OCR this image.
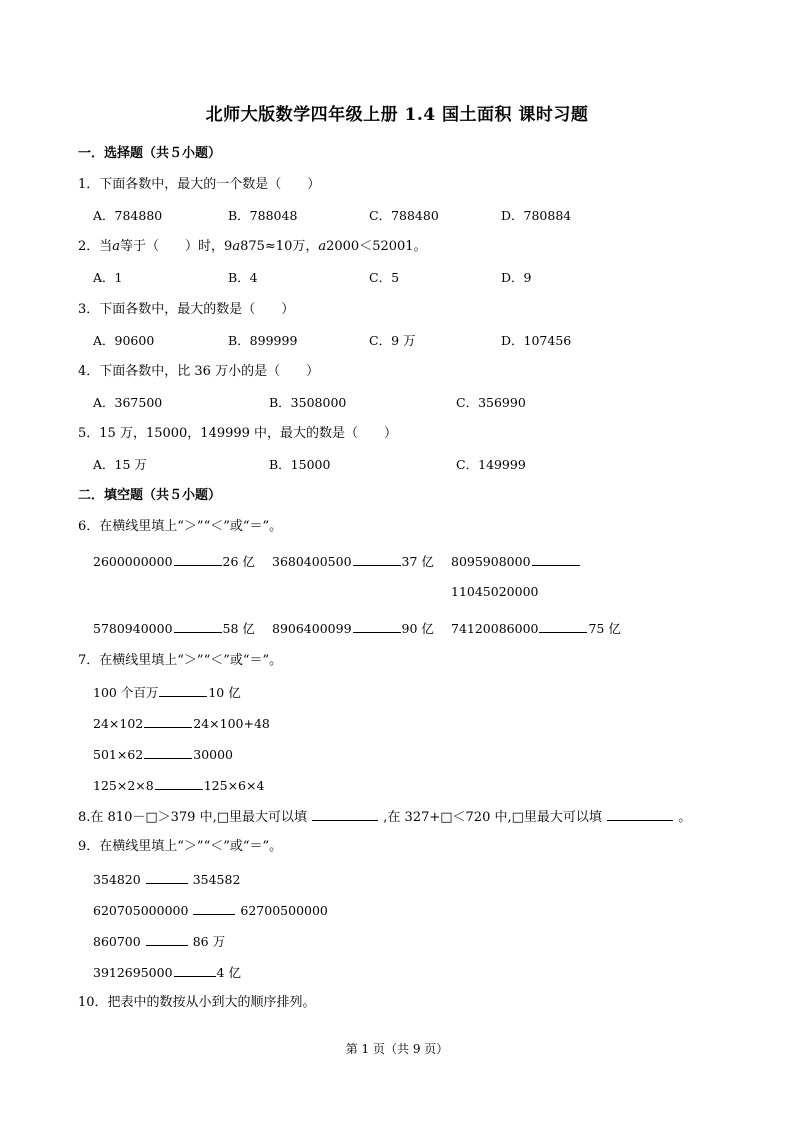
北师大版数学四年级上册 1.4 国土面积 课时习题
一．选择题（共５小题）
1．下面各数中，最大的一个数是（　　）
A．784880	B．788048	C．788480	D．780884
2．当a等于（　　）时，9a875≈10万，a2000＜52001。
A．1	B．4	C．5	D．9
3．下面各数中，最大的数是（　　）
A．90600	B．899999	C．9 万	D．107456
4．下面各数中，比 36 万小的是（　　）
A．367500	B．3508000	C．356990
5．15 万，15000，149999 中，最大的数是（　　）
A．15 万	B．15000	C．149999
二．填空题（共５小题）
6．在横线里填上“＞”“＜”或“＝”。
2600000000	26 亿 3680400500	37 亿 8095908000
11045020000
5780940000	58 亿 8906400099	90 亿 74120086000	75 亿
7．在横线里填上“＞”“＜”或“＝”。
100 个百万	10 亿
24×102	24×100+48
501×62	30000
125×2×8	125×6×4
8.在 810－□＞379 中,□里最大可以填	,在 327+□＜720 中,□里最大可以填	。
9．在横线里填上“＞”“＜”或“＝”。
354820	354582
620705000000	62700500000
860700	86 万
3912695000	4 亿
10．把表中的数按从小到大的顺序排列。
第 1 页（共 9 页）
